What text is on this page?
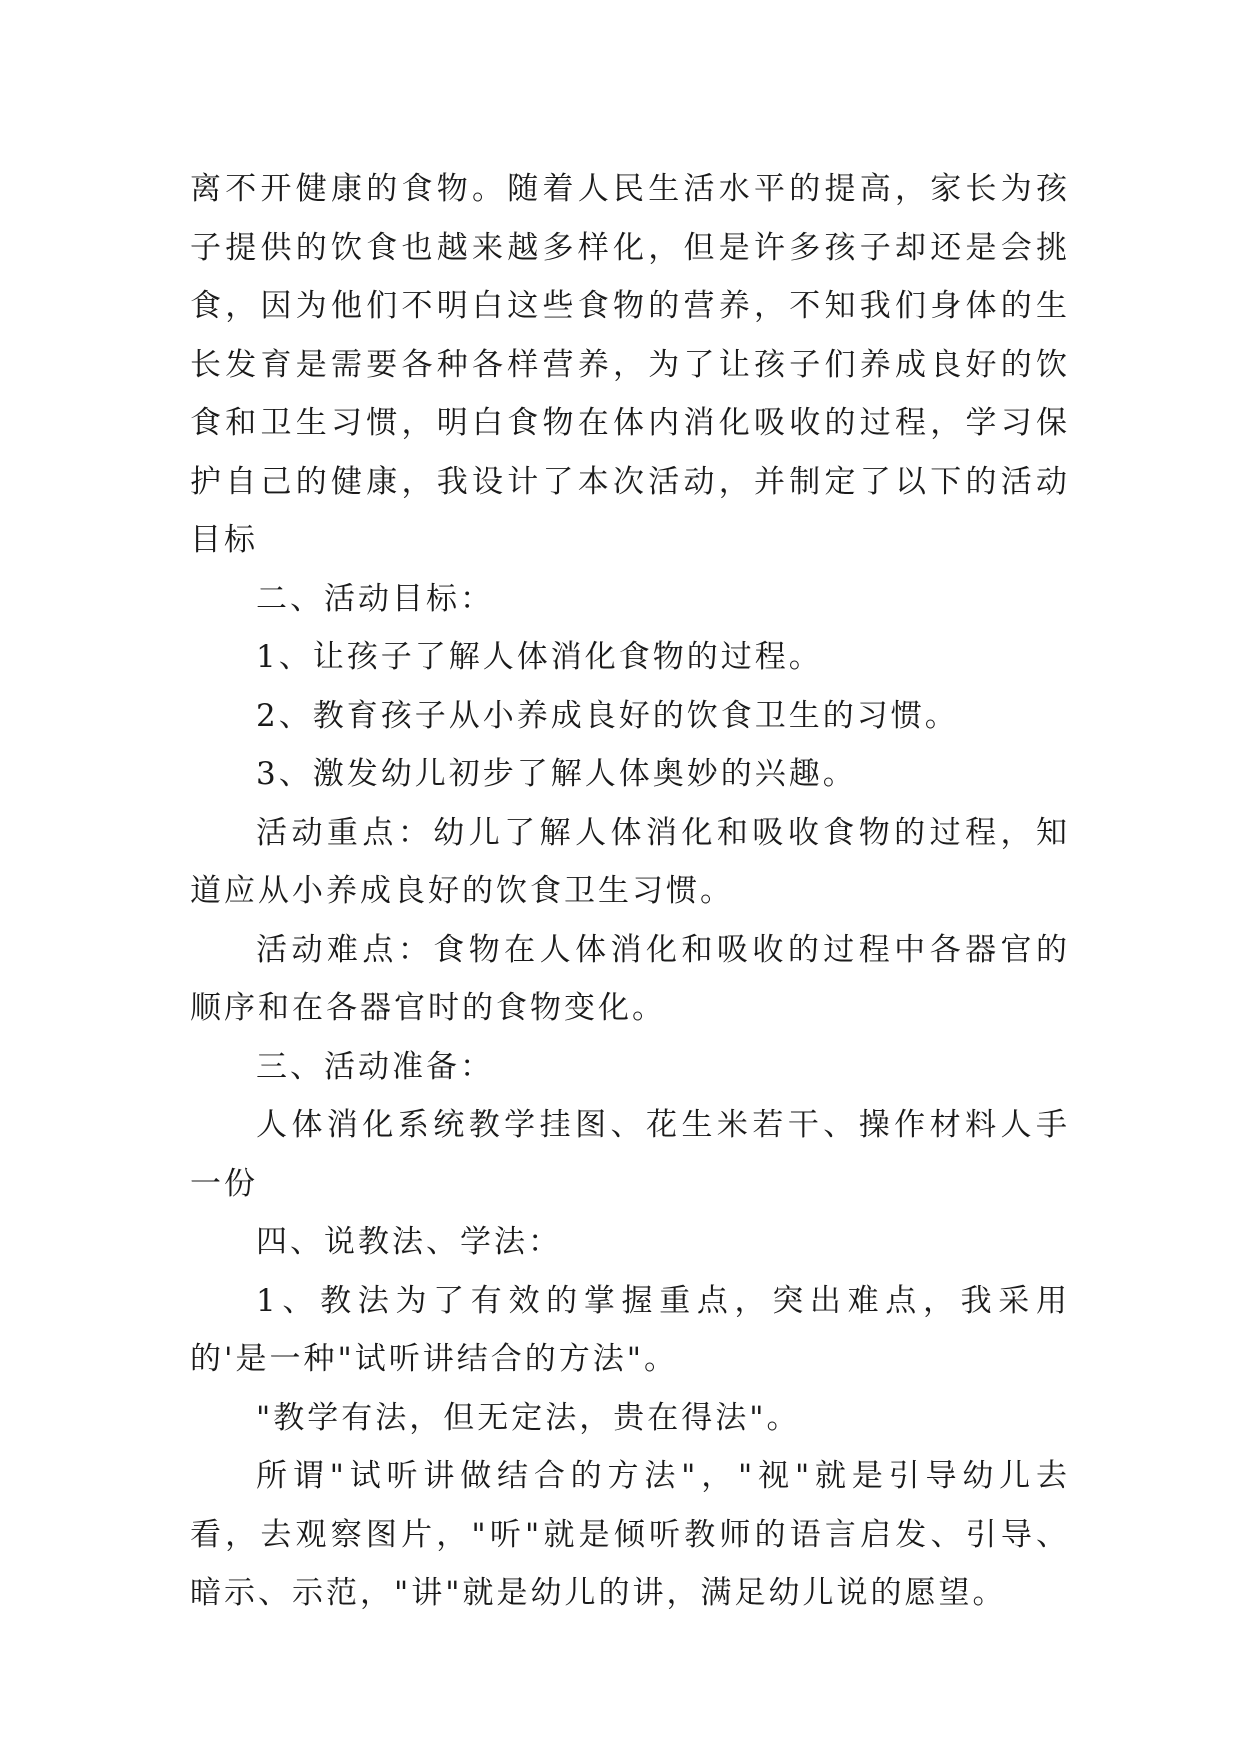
离不开健康的食物。随着人民生活水平的提高，家长为孩子提供的饮食也越来越多样化，但是许多孩子却还是会挑食，因为他们不明白这些食物的营养，不知我们身体的生长发育是需要各种各样营养，为了让孩子们养成良好的饮食和卫生习惯，明白食物在体内消化吸收的过程，学习保护自己的健康，我设计了本次活动，并制定了以下的活动目标

二、活动目标：

1、让孩子了解人体消化食物的过程。

2、教育孩子从小养成良好的饮食卫生的习惯。

3、激发幼儿初步了解人体奥妙的兴趣。

活动重点：幼儿了解人体消化和吸收食物的过程，知道应从小养成良好的饮食卫生习惯。

活动难点：食物在人体消化和吸收的过程中各器官的顺序和在各器官时的食物变化。

三、活动准备：

人体消化系统教学挂图、花生米若干、操作材料人手一份

四、说教法、学法：

1、教法为了有效的掌握重点，突出难点，我采用的'是一种"试听讲结合的方法"。

"教学有法，但无定法，贵在得法"。

所谓"试听讲做结合的方法"，"视"就是引导幼儿去看，去观察图片，"听"就是倾听教师的语言启发、引导、暗示、示范，"讲"就是幼儿的讲，满足幼儿说的愿望。
